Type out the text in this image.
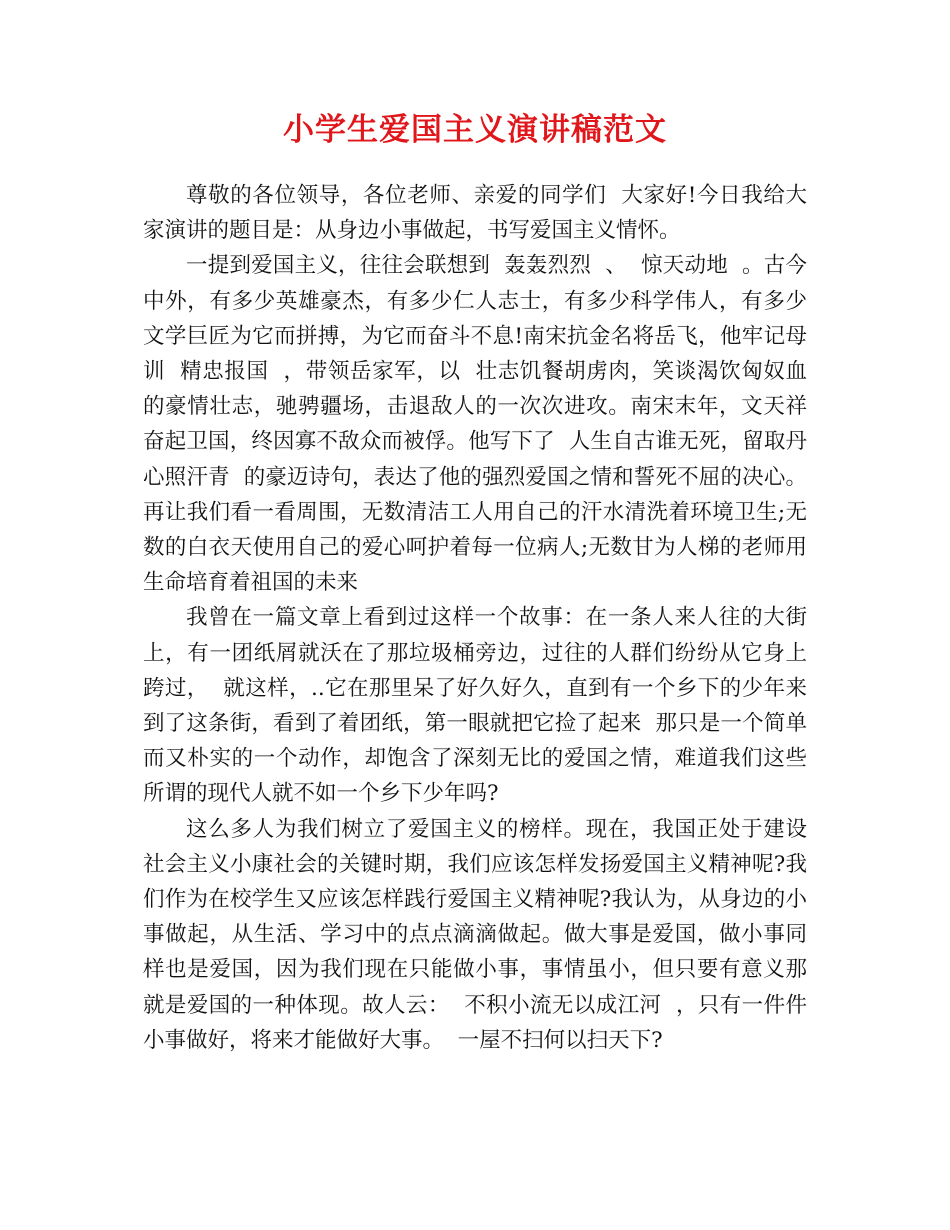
小学生爱国主义演讲稿范文

尊敬的各位领导，各位老师、亲爱的同学们  大家好!今日我给大家演讲的题目是：从身边小事做起，书写爱国主义情怀。

一提到爱国主义，往往会联想到  轰轰烈烈  、  惊天动地  。古今中外，有多少英雄豪杰，有多少仁人志士，有多少科学伟人，有多少文学巨匠为它而拼搏，为它而奋斗不息!南宋抗金名将岳飞，他牢记母训  精忠报国  ，带领岳家军，以  壮志饥餐胡虏肉，笑谈渴饮匈奴血  的豪情壮志，驰骋疆场，击退敌人的一次次进攻。南宋末年，文天祥奋起卫国，终因寡不敌众而被俘。他写下了  人生自古谁无死，留取丹心照汗青  的豪迈诗句，表达了他的强烈爱国之情和誓死不屈的决心。再让我们看一看周围，无数清洁工人用自己的汗水清洗着环境卫生;无数的白衣天使用自己的爱心呵护着每一位病人;无数甘为人梯的老师用生命培育着祖国的未来

我曾在一篇文章上看到过这样一个故事：在一条人来人往的大街上，有一团纸屑就沃在了那垃圾桶旁边，过往的人群们纷纷从它身上跨过，  就这样，..它在那里呆了好久好久，直到有一个乡下的少年来到了这条街，看到了着团纸，第一眼就把它捡了起来  那只是一个简单而又朴实的一个动作，却饱含了深刻无比的爱国之情，难道我们这些所谓的现代人就不如一个乡下少年吗?

这么多人为我们树立了爱国主义的榜样。现在，我国正处于建设社会主义小康社会的关键时期，我们应该怎样发扬爱国主义精神呢?我们作为在校学生又应该怎样践行爱国主义精神呢?我认为，从身边的小事做起，从生活、学习中的点点滴滴做起。做大事是爱国，做小事同样也是爱国，因为我们现在只能做小事，事情虽小，但只要有意义那就是爱国的一种体现。故人云：  不积小流无以成江河  ，只有一件件小事做好，将来才能做好大事。  一屋不扫何以扫天下?
